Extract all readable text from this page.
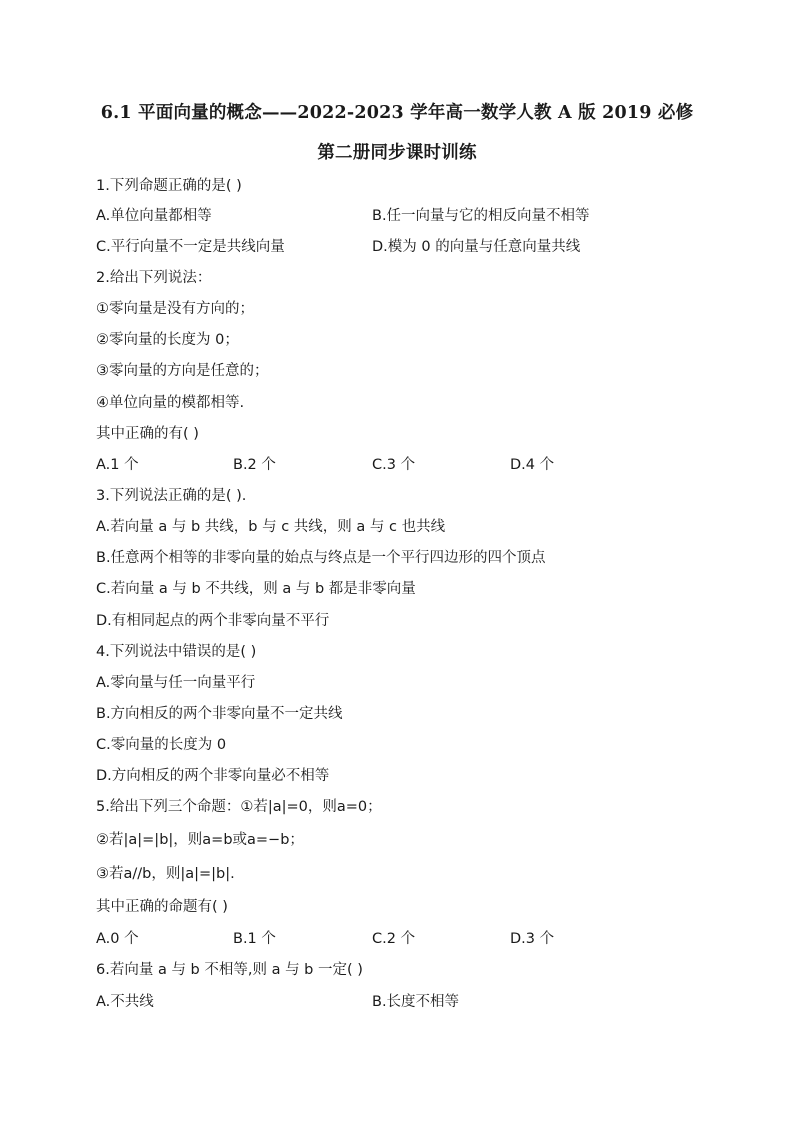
6.1 平面向量的概念——2022-2023 学年高一数学人教 A 版 2019 必修
第二册同步课时训练
1.下列命题正确的是( )
A.单位向量都相等	B.任一向量与它的相反向量不相等
C.平行向量不一定是共线向量	D.模为 0 的向量与任意向量共线
2.给出下列说法：
①零向量是没有方向的；
②零向量的长度为 0；
③零向量的方向是任意的；
④单位向量的模都相等.
其中正确的有( )
A.1 个	B.2 个	C.3 个	D.4 个
3.下列说法正确的是( ).
A.若向量 a 与 b 共线，b 与 c 共线，则 a 与 c 也共线
B.任意两个相等的非零向量的始点与终点是一个平行四边形的四个顶点
C.若向量 a 与 b 不共线，则 a 与 b 都是非零向量
D.有相同起点的两个非零向量不平行
4.下列说法中错误的是( )
A.零向量与任一向量平行
B.方向相反的两个非零向量不一定共线
C.零向量的长度为 0
D.方向相反的两个非零向量必不相等
5.给出下列三个命题：①若|a|=0，则a=0；
②若|a|=|b|，则a=b或a=−b；
③若a//b，则|a|=|b|.
其中正确的命题有( )
A.0 个	B.1 个	C.2 个	D.3 个
6.若向量 a 与 b 不相等,则 a 与 b 一定( )
A.不共线	B.长度不相等
